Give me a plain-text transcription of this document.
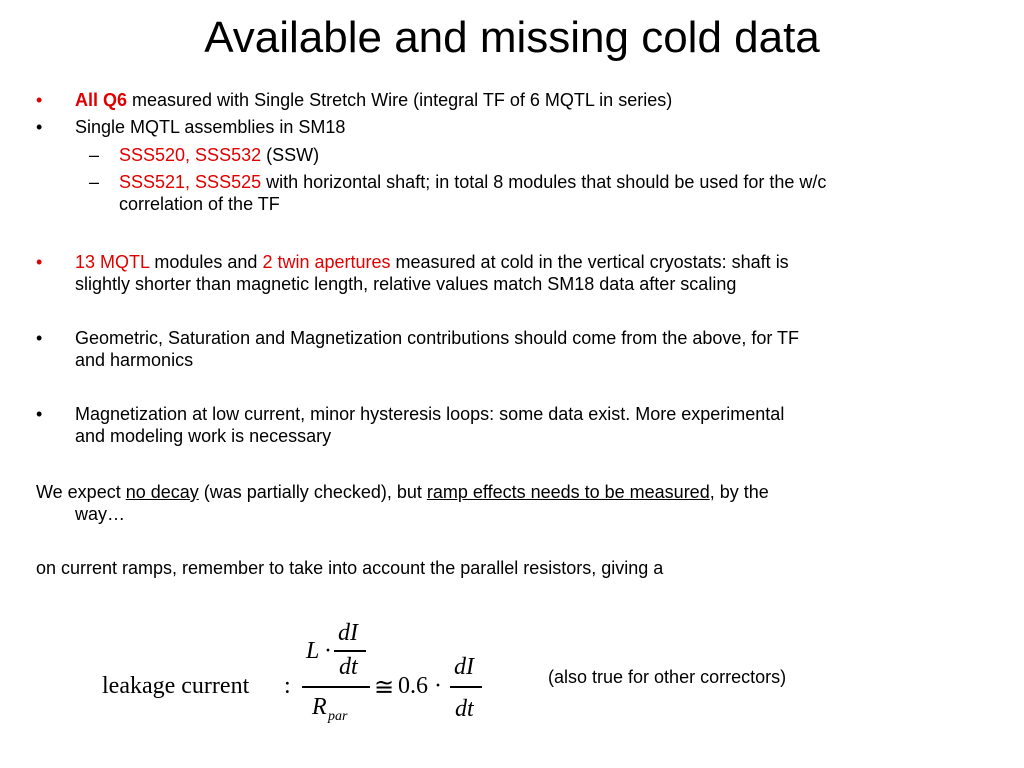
Available and missing cold data
• All Q6 measured with Single Stretch Wire (integral TF of 6 MQTL in series)

• Single MQTL assemblies in SM18

– SSS520, SSS532 (SSW)

– SSS521, SSS525 with horizontal shaft; in total 8 modules that should be used for the w/c

correlation of the TF

• 13 MQTL modules and 2 twin apertures measured at cold in the vertical cryostats: shaft is

slightly shorter than magnetic length, relative values match SM18 data after scaling

• Geometric, Saturation and Magnetization contributions should come from the above, for TF

and harmonics

• Magnetization at low current, minor hysteresis loops: some data exist. More experimental

and modeling work is necessary

We expect no decay (was partially checked), but ramp effects needs to be measured, by the

way…

on current ramps, remember to take into account the parallel resistors, giving a

leakage current :
L ·
dI
dt
R par
≅ 0.6 ·
dI
dt
(also true for other correctors)
